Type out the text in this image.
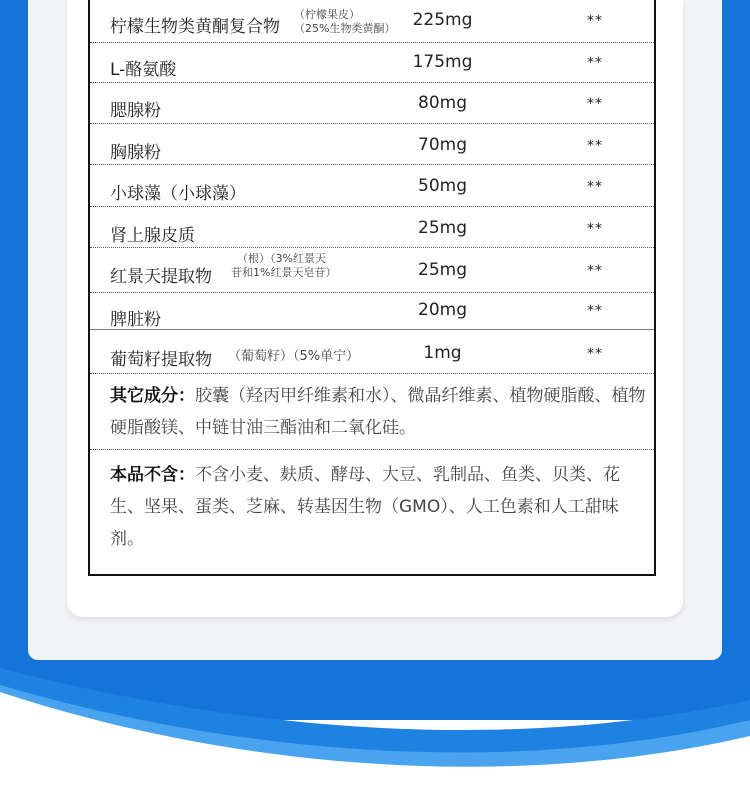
柠檬生物类黄酮复合物
（柠檬果皮）
（25%生物类黄酮）	225mg	**
L-酪氨酸	175mg	**
腮腺粉	80mg	**
胸腺粉	70mg	**
小球藻（小球藻）	50mg	**
肾上腺皮质	25mg	**
红景天提取物
（根）（3%红景天
苷和1%红景天皂苷）	25mg	**
脾脏粉	20mg	**
葡萄籽提取物 （葡萄籽）（5%单宁）	1mg	**
其它成分：胶囊（羟丙甲纤维素和水）、微晶纤维素、植物硬脂酸、植物硬脂酸镁、中链甘油三酯油和二氧化硅。
本品不含：不含小麦、麸质、酵母、大豆、乳制品、鱼类、贝类、花生、坚果、蛋类、芝麻、转基因生物（GMO）、人工色素和人工甜味剂。
